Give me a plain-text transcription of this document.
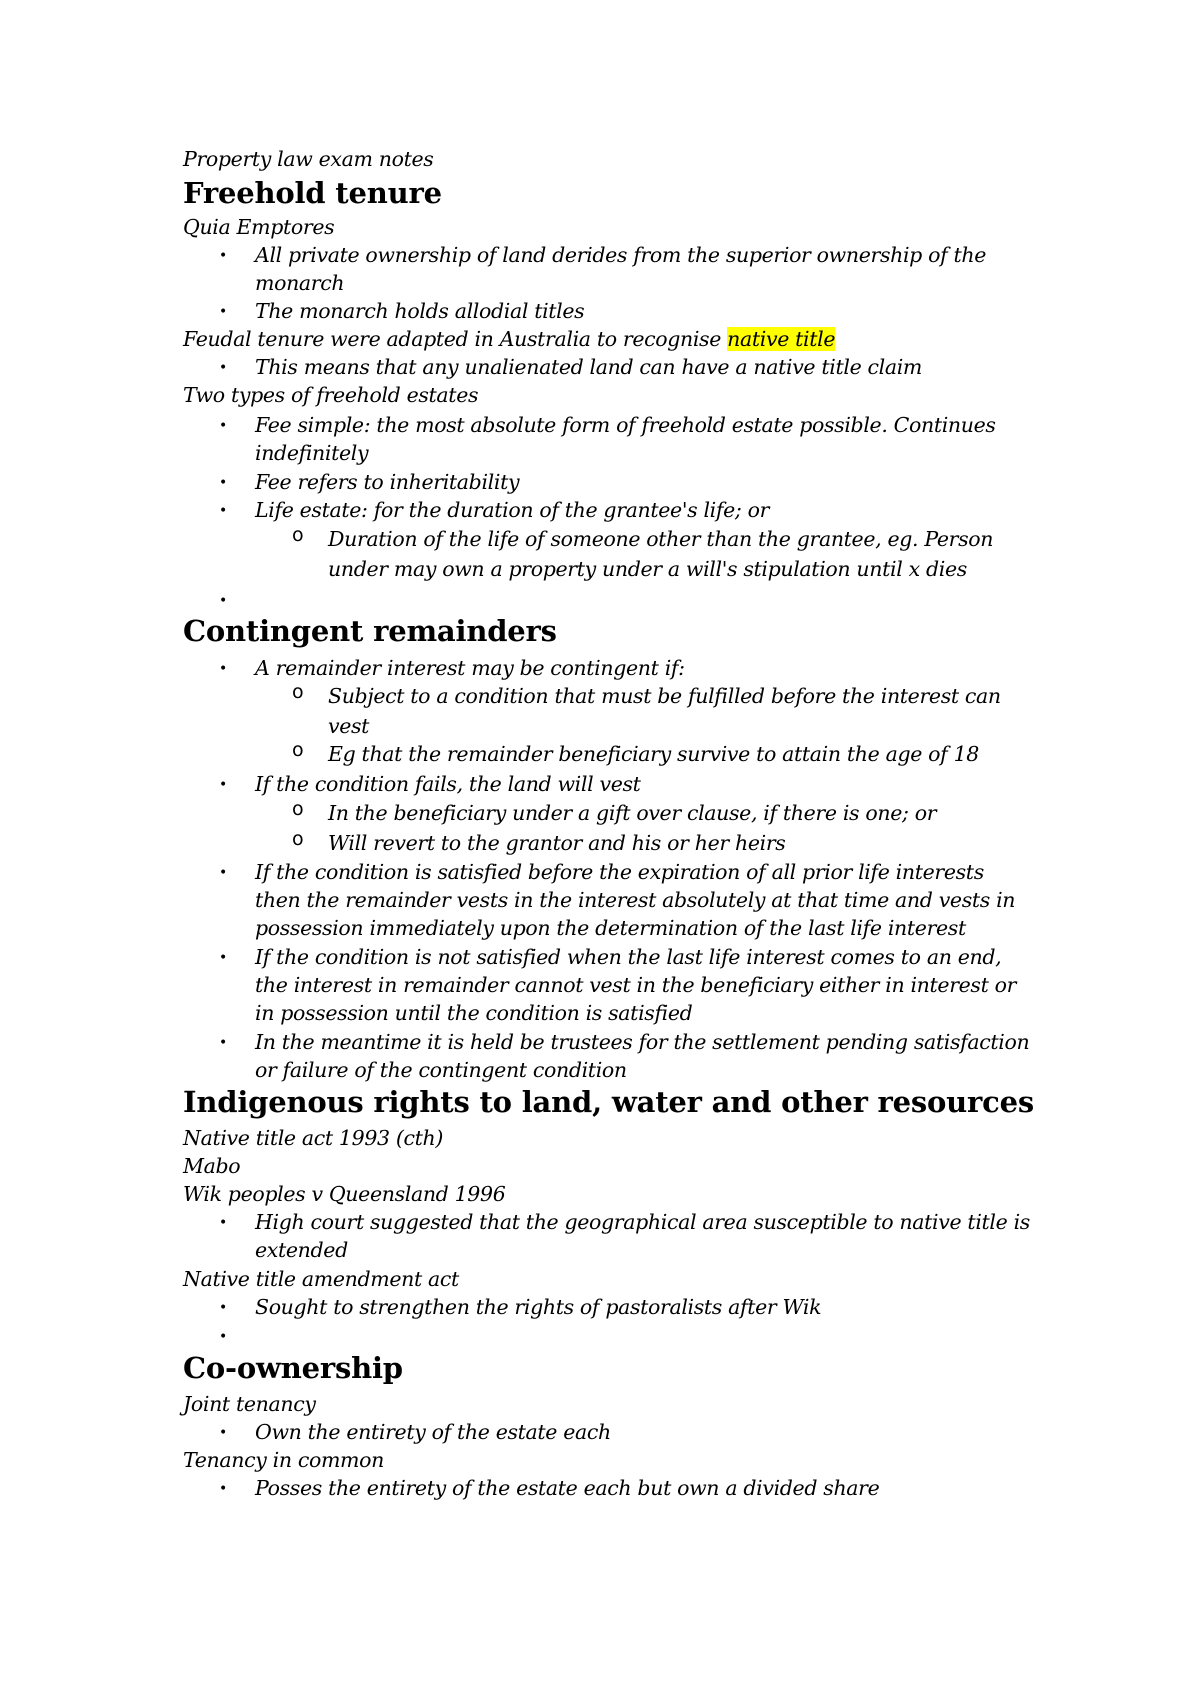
Property law exam notes
Freehold tenure
Quia Emptores
• All private ownership of land derides from the superior ownership of the
monarch
• The monarch holds allodial titles
Feudal tenure were adapted in Australia to recognise native title
• This means that any unalienated land can have a native title claim
Two types of freehold estates
• Fee simple: the most absolute form of freehold estate possible. Continues
indefinitely
• Fee refers to inheritability
• Life estate: for the duration of the grantee's life; or
o Duration of the life of someone other than the grantee, eg. Person
under may own a property under a will's stipulation until x dies
•
Contingent remainders
• A remainder interest may be contingent if:
o Subject to a condition that must be fulfilled before the interest can
vest
o Eg that the remainder beneficiary survive to attain the age of 18
• If the condition fails, the land will vest
o In the beneficiary under a gift over clause, if there is one; or
o Will revert to the grantor and his or her heirs
• If the condition is satisfied before the expiration of all prior life interests
then the remainder vests in the interest absolutely at that time and vests in
possession immediately upon the determination of the last life interest
• If the condition is not satisfied when the last life interest comes to an end,
the interest in remainder cannot vest in the beneficiary either in interest or
in possession until the condition is satisfied
• In the meantime it is held be trustees for the settlement pending satisfaction
or failure of the contingent condition
Indigenous rights to land, water and other resources
Native title act 1993 (cth)
Mabo
Wik peoples v Queensland 1996
• High court suggested that the geographical area susceptible to native title is
extended
Native title amendment act
• Sought to strengthen the rights of pastoralists after Wik
•
Co-ownership
Joint tenancy
• Own the entirety of the estate each
Tenancy in common
• Posses the entirety of the estate each but own a divided share
